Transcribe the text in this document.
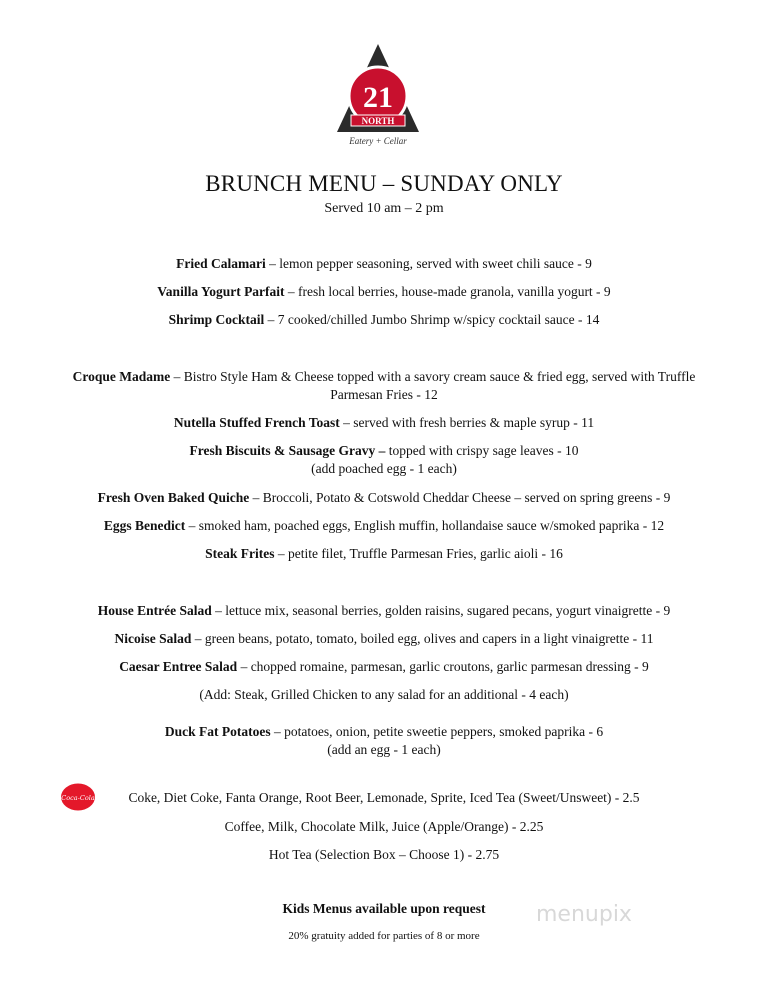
21
NORTH
Eatery + Cellar
BRUNCH MENU – SUNDAY ONLY
Served 10 am – 2 pm
Fried Calamari – lemon pepper seasoning, served with sweet chili sauce - 9
Vanilla Yogurt Parfait – fresh local berries, house-made granola, vanilla yogurt - 9
Shrimp Cocktail – 7 cooked/chilled Jumbo Shrimp w/spicy cocktail sauce - 14
Croque Madame – Bistro Style Ham & Cheese topped with a savory cream sauce & fried egg, served with Truffle
Parmesan Fries - 12
Nutella Stuffed French Toast – served with fresh berries & maple syrup - 11
Fresh Biscuits & Sausage Gravy – topped with crispy sage leaves - 10
(add poached egg - 1 each)
Fresh Oven Baked Quiche – Broccoli, Potato & Cotswold Cheddar Cheese – served on spring greens - 9
Eggs Benedict – smoked ham, poached eggs, English muffin, hollandaise sauce w/smoked paprika - 12
Steak Frites – petite filet, Truffle Parmesan Fries, garlic aioli - 16
House Entrée Salad – lettuce mix, seasonal berries, golden raisins, sugared pecans, yogurt vinaigrette - 9
Nicoise Salad – green beans, potato, tomato, boiled egg, olives and capers in a light vinaigrette - 11
Caesar Entree Salad – chopped romaine, parmesan, garlic croutons, garlic parmesan dressing - 9
(Add: Steak, Grilled Chicken to any salad for an additional - 4 each)
Duck Fat Potatoes – potatoes, onion, petite sweetie peppers, smoked paprika - 6
(add an egg - 1 each)
Coca-Cola	Coke, Diet Coke, Fanta Orange, Root Beer, Lemonade, Sprite, Iced Tea (Sweet/Unsweet) - 2.5
Coffee, Milk, Chocolate Milk, Juice (Apple/Orange) - 2.25
Hot Tea (Selection Box – Choose 1) - 2.75
Kids Menus available upon request
20% gratuity added for parties of 8 or more
menupix
